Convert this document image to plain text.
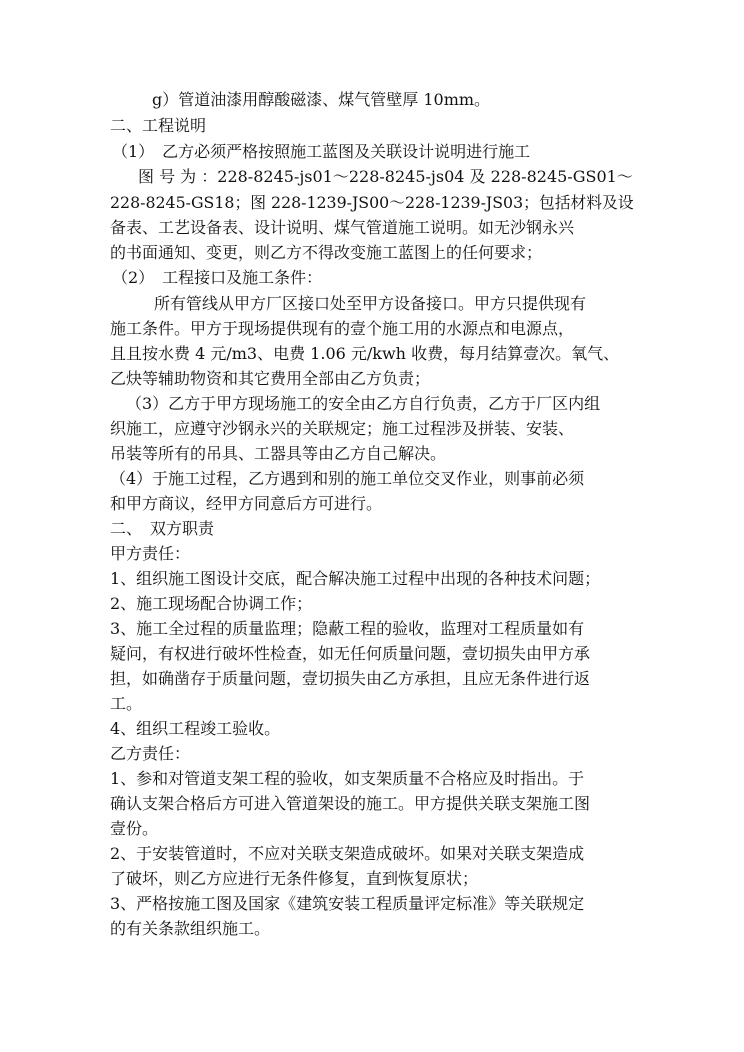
g）管道油漆用醇酸磁漆、煤气管壁厚 10mm。
二、工程说明
（1）　乙方必须严格按照施工蓝图及关联设计说明进行施工
图 号 为 ：228-8245-js01～228-8245-js04 及 228-8245-GS01～
228-8245-GS18；图 228-1239-JS00～228-1239-JS03；包括材料及设
备表、工艺设备表、设计说明、煤气管道施工说明。如无沙钢永兴
的书面通知、变更，则乙方不得改变施工蓝图上的任何要求；
（2）　工程接口及施工条件：
所有管线从甲方厂区接口处至甲方设备接口。甲方只提供现有
施工条件。甲方于现场提供现有的壹个施工用的水源点和电源点，
且且按水费 4 元/m3、电费 1.06 元/kwh 收费，每月结算壹次。氧气、
乙炔等辅助物资和其它费用全部由乙方负责；
（3）乙方于甲方现场施工的安全由乙方自行负责，乙方于厂区内组
织施工，应遵守沙钢永兴的关联规定；施工过程涉及拼装、安装、
吊装等所有的吊具、工器具等由乙方自己解决。
（4）于施工过程，乙方遇到和别的施工单位交叉作业，则事前必须
和甲方商议，经甲方同意后方可进行。
二、　双方职责
甲方责任：
1、组织施工图设计交底，配合解决施工过程中出现的各种技术问题；
2、施工现场配合协调工作；
3、施工全过程的质量监理；隐蔽工程的验收，监理对工程质量如有
疑问，有权进行破坏性检查，如无任何质量问题，壹切损失由甲方承
担，如确凿存于质量问题，壹切损失由乙方承担，且应无条件进行返
工。
4、组织工程竣工验收。
乙方责任：
1、参和对管道支架工程的验收，如支架质量不合格应及时指出。于
确认支架合格后方可进入管道架设的施工。甲方提供关联支架施工图
壹份。
2、于安装管道时，不应对关联支架造成破坏。如果对关联支架造成
了破坏，则乙方应进行无条件修复，直到恢复原状；
3、严格按施工图及国家《建筑安装工程质量评定标准》等关联规定
的有关条款组织施工。
